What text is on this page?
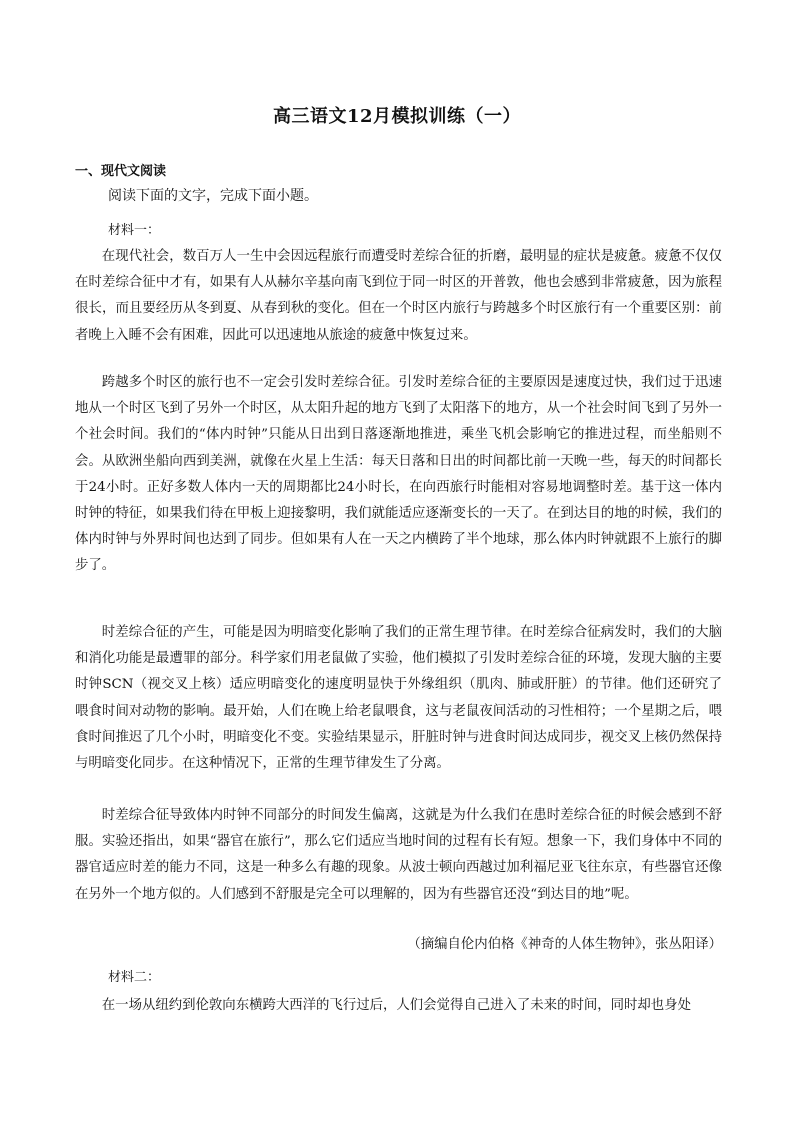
高三语文12月模拟训练（一）
一、现代文阅读
阅读下面的文字，完成下面小题。
材料一：

在现代社会，数百万人一生中会因远程旅行而遭受时差综合征的折磨，最明显的症状是疲惫。疲惫不仅仅在时差综合征中才有，如果有人从赫尔辛基向南飞到位于同一时区的开普敦，他也会感到非常疲惫，因为旅程很长，而且要经历从冬到夏、从春到秋的变化。但在一个时区内旅行与跨越多个时区旅行有一个重要区别：前者晚上入睡不会有困难，因此可以迅速地从旅途的疲惫中恢复过来。

跨越多个时区的旅行也不一定会引发时差综合征。引发时差综合征的主要原因是速度过快，我们过于迅速地从一个时区飞到了另外一个时区，从太阳升起的地方飞到了太阳落下的地方，从一个社会时间飞到了另外一个社会时间。我们的“体内时钟”只能从日出到日落逐渐地推进，乘坐飞机会影响它的推进过程，而坐船则不会。从欧洲坐船向西到美洲，就像在火星上生活：每天日落和日出的时间都比前一天晚一些，每天的时间都长于24小时。正好多数人体内一天的周期都比24小时长，在向西旅行时能相对容易地调整时差。基于这一体内时钟的特征，如果我们待在甲板上迎接黎明，我们就能适应逐渐变长的一天了。在到达目的地的时候，我们的体内时钟与外界时间也达到了同步。但如果有人在一天之内横跨了半个地球，那么体内时钟就跟不上旅行的脚步了。

时差综合征的产生，可能是因为明暗变化影响了我们的正常生理节律。在时差综合征病发时，我们的大脑和消化功能是最遭罪的部分。科学家们用老鼠做了实验，他们模拟了引发时差综合征的环境，发现大脑的主要时钟SCN（视交叉上核）适应明暗变化的速度明显快于外缘组织（肌肉、肺或肝脏）的节律。他们还研究了喂食时间对动物的影响。最开始，人们在晚上给老鼠喂食，这与老鼠夜间活动的习性相符；一个星期之后，喂食时间推迟了几个小时，明暗变化不变。实验结果显示，肝脏时钟与进食时间达成同步，视交叉上核仍然保持与明暗变化同步。在这种情况下，正常的生理节律发生了分离。

时差综合征导致体内时钟不同部分的时间发生偏离，这就是为什么我们在患时差综合征的时候会感到不舒服。实验还指出，如果“器官在旅行”，那么它们适应当地时间的过程有长有短。想象一下，我们身体中不同的器官适应时差的能力不同，这是一种多么有趣的现象。从波士顿向西越过加利福尼亚飞往东京，有些器官还像在另外一个地方似的。人们感到不舒服是完全可以理解的，因为有些器官还没“到达目的地”呢。

（摘编自伦内伯格《神奇的人体生物钟》，张丛阳译）
材料二：

在一场从纽约到伦敦向东横跨大西洋的飞行过后，人们会觉得自己进入了未来的时间，同时却也身处
